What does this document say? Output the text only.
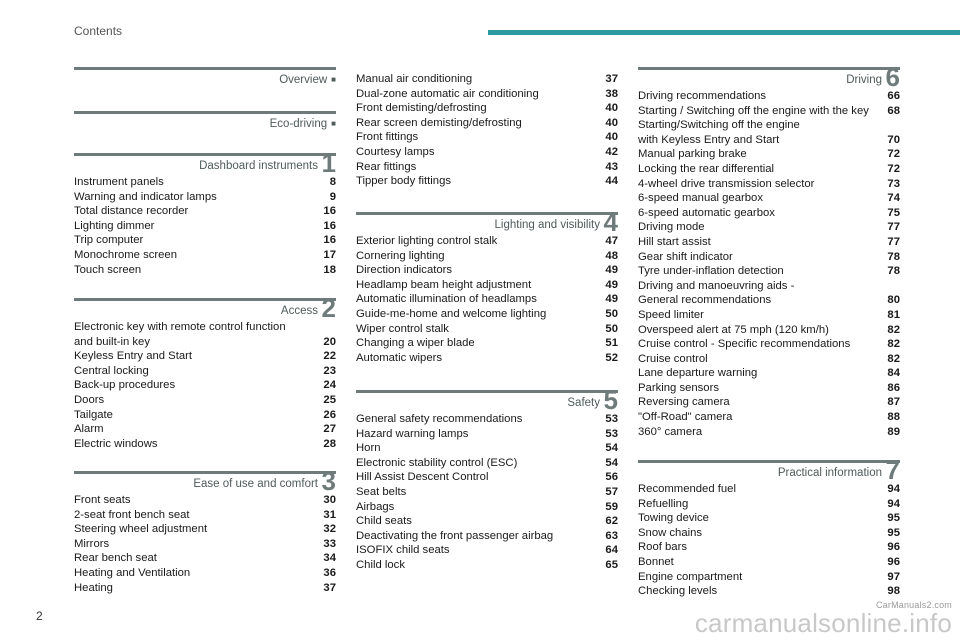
Contents
2	carmanualsonline.info
CarManuals2.com
Overview ■
Eco-driving ■
Dashboard instruments 1
Instrument panels	8
Warning and indicator lamps	9
Total distance recorder	16
Lighting dimmer	16
Trip computer	16
Monochrome screen	17
Touch screen	18
Access 2
Electronic key with remote control function
and built-in key	20
Keyless Entry and Start	22
Central locking	23
Back-up procedures	24
Doors	25
Tailgate	26
Alarm	27
Electric windows	28
Ease of use and comfort 3
Front seats	30
2-seat front bench seat	31
Steering wheel adjustment	32
Mirrors	33
Rear bench seat	34
Heating and Ventilation	36
Heating	37
Manual air conditioning	37
Dual-zone automatic air conditioning	38
Front demisting/defrosting	40
Rear screen demisting/defrosting	40
Front fittings	40
Courtesy lamps	42
Rear fittings	43
Tipper body fittings	44
Lighting and visibility 4
Exterior lighting control stalk	47
Cornering lighting	48
Direction indicators	49
Headlamp beam height adjustment	49
Automatic illumination of headlamps	49
Guide-me-home and welcome lighting	50
Wiper control stalk	50
Changing a wiper blade	51
Automatic wipers	52
Safety 5
General safety recommendations	53
Hazard warning lamps	53
Horn	54
Electronic stability control (ESC)	54
Hill Assist Descent Control	56
Seat belts	57
Airbags	59
Child seats	62
Deactivating the front passenger airbag	63
ISOFIX child seats	64
Child lock	65
Driving 6
Driving recommendations	66
Starting / Switching off the engine with the key 68
Starting/Switching off the engine
with Keyless Entry and Start	70
Manual parking brake	72
Locking the rear differential	72
4-wheel drive transmission selector	73
6-speed manual gearbox	74
6-speed automatic gearbox	75
Driving mode	77
Hill start assist	77
Gear shift indicator	78
Tyre under-inflation detection	78
Driving and manoeuvring aids -
General recommendations	80
Speed limiter	81
Overspeed alert at 75 mph (120 km/h)	82
Cruise control - Specific recommendations	82
Cruise control	82
Lane departure warning	84
Parking sensors	86
Reversing camera	87
"Off-Road" camera	88
360° camera	89
Practical information 7
Recommended fuel	94
Refuelling	94
Towing device	95
Snow chains	95
Roof bars	96
Bonnet	96
Engine compartment	97
Checking levels	98
